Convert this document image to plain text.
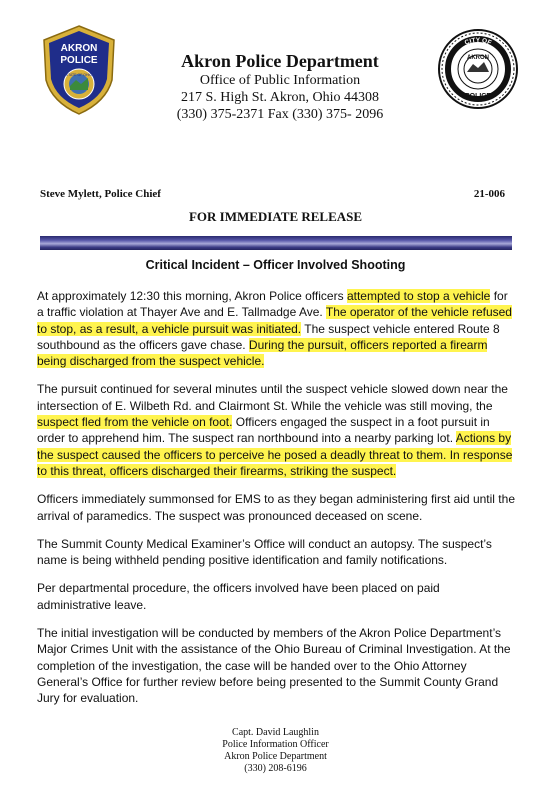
AKRON
POLICE
STATE OF OHIO
Akron Police Department
Office of Public Information
217 S. High St. Akron, Ohio 44308
(330) 375-2371 Fax (330) 375- 2096
CITY OF
AKRON
POLICE
Steve Mylett, Police Chief	21-006
FOR IMMEDIATE RELEASE
Critical Incident – Officer Involved Shooting

At approximately 12:30 this morning, Akron Police officers attempted to stop a vehicle for a traffic violation at Thayer Ave and E. Tallmadge Ave. The operator of the vehicle refused to stop, as a result, a vehicle pursuit was initiated. The suspect vehicle entered Route 8 southbound as the officers gave chase. During the pursuit, officers reported a firearm being discharged from the suspect vehicle.

The pursuit continued for several minutes until the suspect vehicle slowed down near the intersection of E. Wilbeth Rd. and Clairmont St. While the vehicle was still moving, the suspect fled from the vehicle on foot. Officers engaged the suspect in a foot pursuit in order to apprehend him. The suspect ran northbound into a nearby parking lot. Actions by the suspect caused the officers to perceive he posed a deadly threat to them. In response to this threat, officers discharged their firearms, striking the suspect.

Officers immediately summonsed for EMS to as they began administering first aid until the arrival of paramedics. The suspect was pronounced deceased on scene.

The Summit County Medical Examiner’s Office will conduct an autopsy. The suspect’s name is being withheld pending positive identification and family notifications.

Per departmental procedure, the officers involved have been placed on paid administrative leave.

The initial investigation will be conducted by members of the Akron Police Department’s Major Crimes Unit with the assistance of the Ohio Bureau of Criminal Investigation. At the completion of the investigation, the case will be handed over to the Ohio Attorney General’s Office for further review before being presented to the Summit County Grand Jury for evaluation.

Capt. David Laughlin
Police Information Officer
Akron Police Department
(330) 208-6196
